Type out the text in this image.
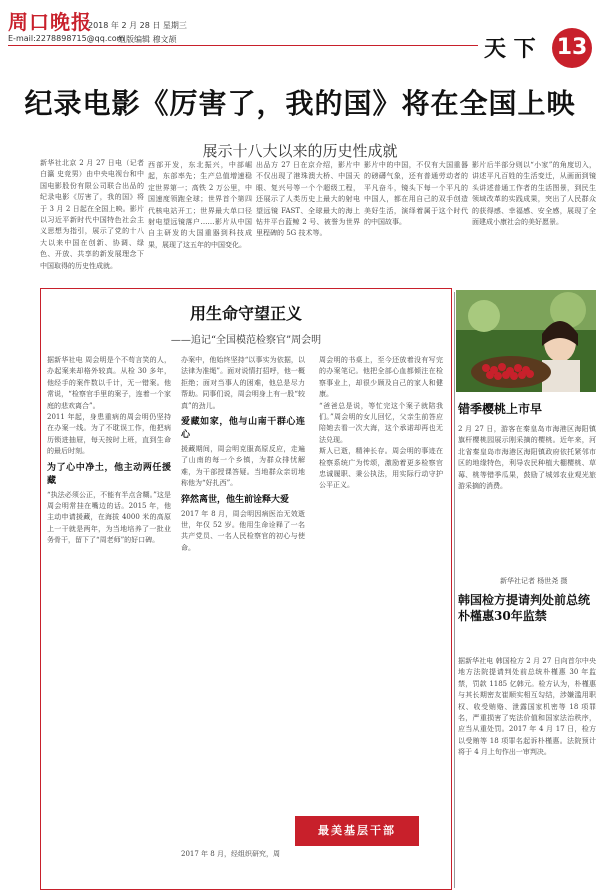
周口晚报
2018 年 2 月 28 日 星期三
E-mail:2278898715@qq.com
组版编辑 穆文颉	天 下 13
纪录电影《厉害了，我的国》将在全国上映
展示十八大以来的历史性成就
新华社北京 2 月 27 日电（记者 白瀛 史竞男）由中央电视台和中国电影股份有限公司联合出品的纪录电影《厉害了，我的国》将于 3 月 2 日起在全国上映。影片以习近平新时代中国特色社会主义思想为指引，展示了党的十八大以来中国在创新、协调、绿色、开放、共享的新发展理念下中国取得的历史性成就。
西部开发，东北振兴，中部崛起，东部率先；生产总值增速稳定世界第一；高铁 2 万公里，中国速度领跑全球；世界首个第四代核电站开工；世界最大单口径射电望远镜落户……影片从中国自主研发的大国重器到科技成果，展现了这五年的中国变化。
出品方 27 日在京介绍，影片中不仅出现了港珠澳大桥、中国天眼、复兴号等一个个超级工程，还展示了人类历史上最大的射电望远镜 FAST、全球最大的海上钻井平台蓝鲸 2 号、被誉为世界里程碑的 5G 技术等。
影片中的中国，不仅有大国重器的磅礴气象，还有普通劳动者的平凡奋斗，镜头下每一个平凡的中国人，都在用自己的双手创造美好生活，演绎着属于这个时代的中国故事。
影片后半部分则以“小家”的角度切入，讲述平凡百姓的生活变迁，从画面到镜头讲述普通工作者的生活图景，到民生领域改革的实践成果，突出了人民群众的获得感、幸福感、安全感，展现了全面建成小康社会的美好愿景。
用生命守望正义
——追记“全国模范检察官”周会明

据新华社电 周会明是个不苟言笑的人，办起案来却格外较真。从检 30 多年，他经手的案件数以千计，无一错案。他常说，“检察官手里的案子，连着一个家庭的悲欢离合”。

2011 年起，身患重病的周会明仍坚持在办案一线。为了不耽误工作，他把病历锁进抽屉，每天按时上班，直到生命的最后时刻。

为了心中净土，他主动两任援藏

“执法必须公正，不能有半点含糊。”这是周会明常挂在嘴边的话。2015 年，他主动申请援藏，在海拔 4000 米的高原上一干就是两年，为当地培养了一批业务骨干，留下了“周老师”的好口碑。

办案中，他始终坚持“以事实为依据，以法律为准绳”。面对说情打招呼，他一概拒绝；面对当事人的困难，他总是尽力帮助。同事们说，周会明身上有一股“较真”的劲儿。

爱藏如家，他与山南干群心连心

援藏期间，周会明克服高原反应，走遍了山南的每一个乡镇，为群众排忧解难，为干部授课答疑。当地群众亲切地称他为“好扎西”。

猝然离世，他生前诠释大爱

2017 年 8 月，周会明因病医治无效逝世，年仅 52 岁。他用生命诠释了一名共产党员、一名人民检察官的初心与使命。

周会明的书桌上，至今还放着没有写完的办案笔记。他把全部心血都倾注在检察事业上，却很少顾及自己的家人和健康。

“爸爸总是说，等忙完这个案子就陪我们。”周会明的女儿回忆，父亲生前答应陪她去看一次大海，这个承诺却再也无法兑现。

斯人已逝，精神长存。周会明的事迹在检察系统广为传颂，激励着更多检察官忠诚履职、秉公执法，用实际行动守护公平正义。

最美基层干部
2017 年 8 月，经组织研究，周
错季樱桃上市早
2 月 27 日，游客在秦皇岛市海港区海阳镇旗杆樱桃园展示刚采摘的樱桃。近年来，河北省秦皇岛市海港区海阳镇政府依托紧邻市区的地缘特色，利导农民种植大棚樱桃、草莓、桃等错季瓜果，鼓励了城郊农业观光旅游采摘的消费。
新华社记者 杨世尧 摄
韩国检方提请判处前总统朴槿惠30年监禁
据新华社电 韩国检方 2 月 27 日向首尔中央地方法院提请判处前总统朴槿惠 30 年监禁，罚款 1185 亿韩元。检方认为，朴槿惠与其长期密友崔顺实相互勾结，涉嫌滥用职权、收受贿赂、泄露国家机密等 18 项罪名，严重损害了宪法价值和国家法治秩序，应当从重处罚。2017 年 4 月 17 日，检方以受贿等 18 项罪名起诉朴槿惠。法院预计将于 4 月上旬作出一审判决。
